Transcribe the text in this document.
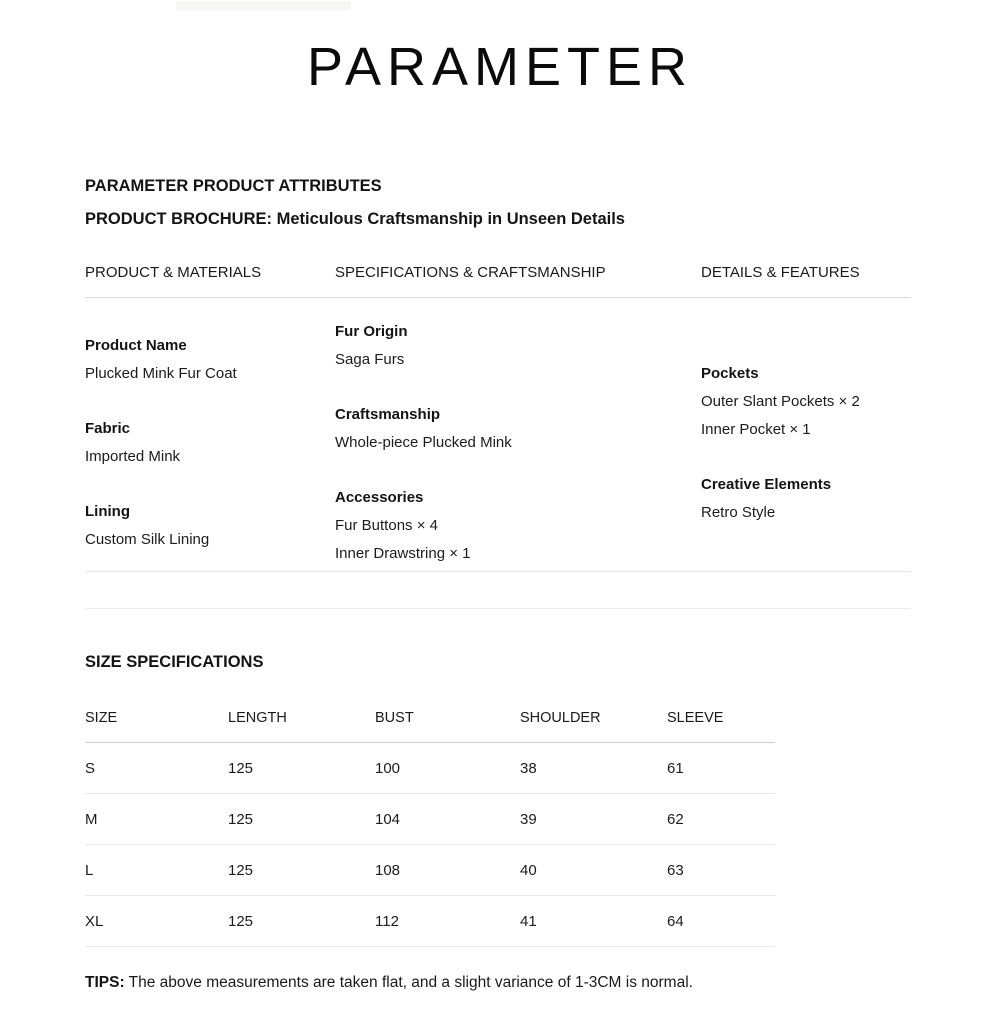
PARAMETER
PARAMETER PRODUCT ATTRIBUTES
PRODUCT BROCHURE: Meticulous Craftsmanship in Unseen Details
PRODUCT & MATERIALS	SPECIFICATIONS & CRAFTSMANSHIP	DETAILS & FEATURES
Product Name
Plucked Mink Fur Coat
Fabric
Imported Mink
Lining
Custom Silk Lining
Fur Origin
Saga Furs
Craftsmanship
Whole-piece Plucked Mink
Accessories
Fur Buttons × 4
Inner Drawstring × 1
Pockets
Outer Slant Pockets × 2
Inner Pocket × 1
Creative Elements
Retro Style
SIZE SPECIFICATIONS
SIZE	LENGTH	BUST	SHOULDER	SLEEVE
S	125	100	38	61
M	125	104	39	62
L	125	108	40	63
XL	125	112	41	64

TIPS: The above measurements are taken flat, and a slight variance of 1-3CM is normal.
